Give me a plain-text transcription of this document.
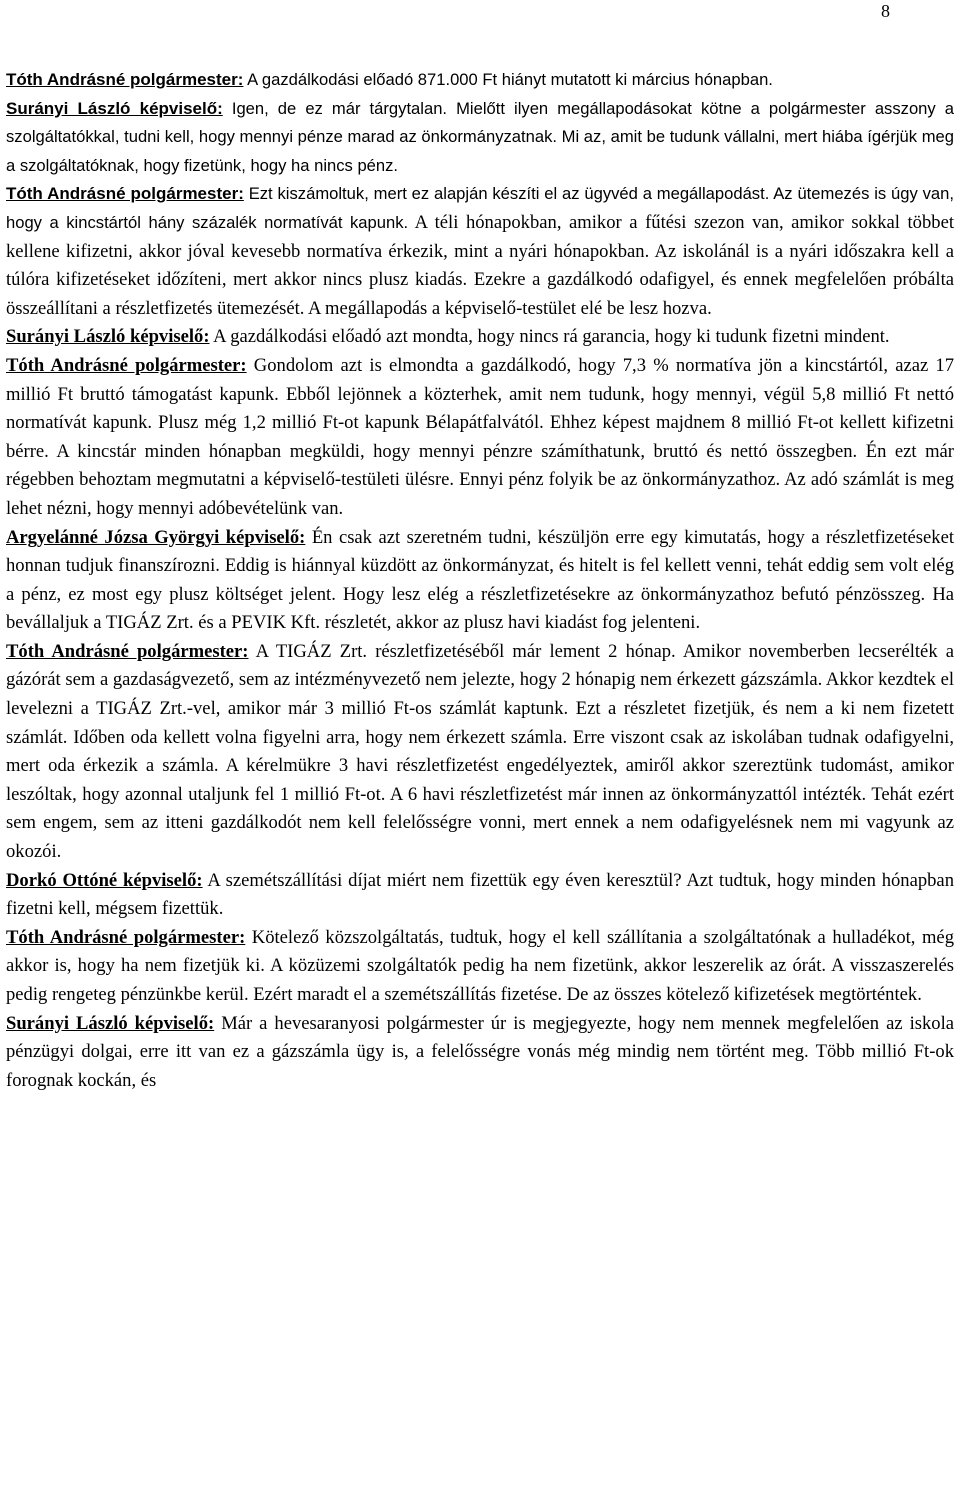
8

Tóth Andrásné polgármester: A gazdálkodási előadó 871.000 Ft hiányt mutatott ki március hónapban.

Surányi László képviselő: Igen, de ez már tárgytalan. Mielőtt ilyen megállapodásokat kötne a polgármester asszony a szolgáltatókkal, tudni kell, hogy mennyi pénze marad az önkormányzatnak. Mi az, amit be tudunk vállalni, mert hiába ígérjük meg a szolgáltatóknak, hogy fizetünk, hogy ha nincs pénz.

Tóth Andrásné polgármester: Ezt kiszámoltuk, mert ez alapján készíti el az ügyvéd a megállapodást. Az ütemezés is úgy van, hogy a kincstártól hány százalék normatívát kapunk. A téli hónapokban, amikor a fűtési szezon van, amikor sokkal többet kellene kifizetni, akkor jóval kevesebb normatíva érkezik, mint a nyári hónapokban. Az iskolánál is a nyári időszakra kell a túlóra kifizetéseket időzíteni, mert akkor nincs plusz kiadás. Ezekre a gazdálkodó odafigyel, és ennek megfelelően próbálta összeállítani a részletfizetés ütemezését. A megállapodás a képviselő-testület elé be lesz hozva.

Surányi László képviselő: A gazdálkodási előadó azt mondta, hogy nincs rá garancia, hogy ki tudunk fizetni mindent.

Tóth Andrásné polgármester: Gondolom azt is elmondta a gazdálkodó, hogy 7,3 % normatíva jön a kincstártól, azaz 17 millió Ft bruttó támogatást kapunk. Ebből lejönnek a közterhek, amit nem tudunk, hogy mennyi, végül 5,8 millió Ft nettó normatívát kapunk. Plusz még 1,2 millió Ft-ot kapunk Bélapátfalvától. Ehhez képest majdnem 8 millió Ft-ot kellett kifizetni bérre. A kincstár minden hónapban megküldi, hogy mennyi pénzre számíthatunk, bruttó és nettó összegben. Én ezt már régebben behoztam megmutatni a képviselő-testületi ülésre. Ennyi pénz folyik be az önkormányzathoz. Az adó számlát is meg lehet nézni, hogy mennyi adóbevételünk van.

Argyelánné Józsa Györgyi képviselő: Én csak azt szeretném tudni, készüljön erre egy kimutatás, hogy a részletfizetéseket honnan tudjuk finanszírozni. Eddig is hiánnyal küzdött az önkormányzat, és hitelt is fel kellett venni, tehát eddig sem volt elég a pénz, ez most egy plusz költséget jelent. Hogy lesz elég a részletfizetésekre az önkormányzathoz befutó pénzösszeg. Ha bevállaljuk a TIGÁZ Zrt. és a PEVIK Kft. részletét, akkor az plusz havi kiadást fog jelenteni.

Tóth Andrásné polgármester: A TIGÁZ Zrt. részletfizetéséből már lement 2 hónap. Amikor novemberben lecserélték a gázórát sem a gazdaságvezető, sem az intézményvezető nem jelezte, hogy 2 hónapig nem érkezett gázszámla. Akkor kezdtek el levelezni a TIGÁZ Zrt.-vel, amikor már 3 millió Ft-os számlát kaptunk. Ezt a részletet fizetjük, és nem a ki nem fizetett számlát. Időben oda kellett volna figyelni arra, hogy nem érkezett számla. Erre viszont csak az iskolában tudnak odafigyelni, mert oda érkezik a számla. A kérelmükre 3 havi részletfizetést engedélyeztek, amiről akkor szereztünk tudomást, amikor leszóltak, hogy azonnal utaljunk fel 1 millió Ft-ot. A 6 havi részletfizetést már innen az önkormányzattól intézték. Tehát ezért sem engem, sem az itteni gazdálkodót nem kell felelősségre vonni, mert ennek a nem odafigyelésnek nem mi vagyunk az okozói.

Dorkó Ottóné képviselő: A szemétszállítási díjat miért nem fizettük egy éven keresztül? Azt tudtuk, hogy minden hónapban fizetni kell, mégsem fizettük.

Tóth Andrásné polgármester: Kötelező közszolgáltatás, tudtuk, hogy el kell szállítania a szolgáltatónak a hulladékot, még akkor is, hogy ha nem fizetjük ki. A közüzemi szolgáltatók pedig ha nem fizetünk, akkor leszerelik az órát. A visszaszerelés pedig rengeteg pénzünkbe kerül. Ezért maradt el a szemétszállítás fizetése. De az összes kötelező kifizetések megtörténtek.

Surányi László képviselő: Már a hevesaranyosi polgármester úr is megjegyezte, hogy nem mennek megfelelően az iskola pénzügyi dolgai, erre itt van ez a gázszámla ügy is, a felelősségre vonás még mindig nem történt meg. Több millió Ft-ok forognak kockán, és
